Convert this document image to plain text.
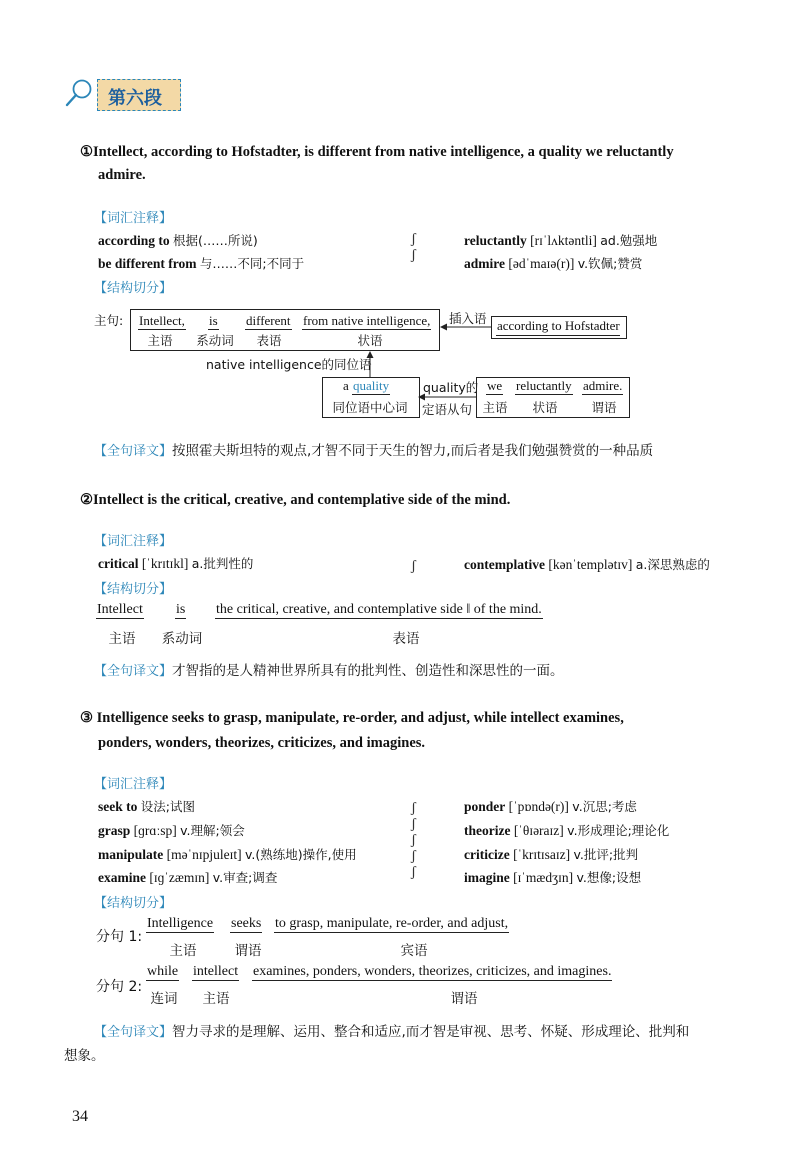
第六段
①Intellect, according to Hofstadter, is different from native intelligence, a quality we reluctantly
admire.
【词汇注释】
according to 根据(……所说)
be different from 与……不同;不同于
ʃ
ʃ
reluctantly [rɪˈlʌktəntli] ad.勉强地
admire [ədˈmaɪə(r)] v.钦佩;赞赏
【结构切分】
主句: Intellect,
主语
is
系动词
different
表语
from native intelligence,
状语
插入语 according to Hofstadter
native intelligence的同位语
a quality
同位语中心词
quality的
定语从句
we
主语
reluctantly
状语
admire.
谓语
【全句译文】按照霍夫斯坦特的观点,才智不同于天生的智力,而后者是我们勉强赞赏的一种品质
②Intellect is the critical, creative, and contemplative side of the mind.
【词汇注释】
critical [ˈkrɪtɪkl] a.批判性的	ʃ	contemplative [kənˈtemplətɪv] a.深思熟虑的
【结构切分】
Intellect
主语
is
系动词
the critical, creative, and contemplative side ‖ of the mind.
表语
【全句译文】才智指的是人精神世界所具有的批判性、创造性和深思性的一面。
③ Intelligence seeks to grasp, manipulate, re-order, and adjust, while intellect examines,
ponders, wonders, theorizes, criticizes, and imagines.
【词汇注释】
seek to 设法;试图
grasp [ɡrɑːsp] v.理解;领会
manipulate [məˈnɪpjuleɪt] v.(熟练地)操作,使用
examine [ɪɡˈzæmɪn] v.审查;调查
ʃ
ʃ
ʃ
ʃ
ʃ
ponder [ˈpɒndə(r)] v.沉思;考虑
theorize [ˈθɪəraɪz] v.形成理论;理论化
criticize [ˈkrɪtɪsaɪz] v.批评;批判
imagine [ɪˈmædʒɪn] v.想像;设想
【结构切分】
分句 1:
Intelligence
主语
seeks
谓语
to grasp, manipulate, re-order, and adjust,
宾语
分句 2:
while
连词
intellect
主语
examines, ponders, wonders, theorizes, criticizes, and imagines.
谓语
【全句译文】智力寻求的是理解、运用、整合和适应,而才智是审视、思考、怀疑、形成理论、批判和
想象。
34
